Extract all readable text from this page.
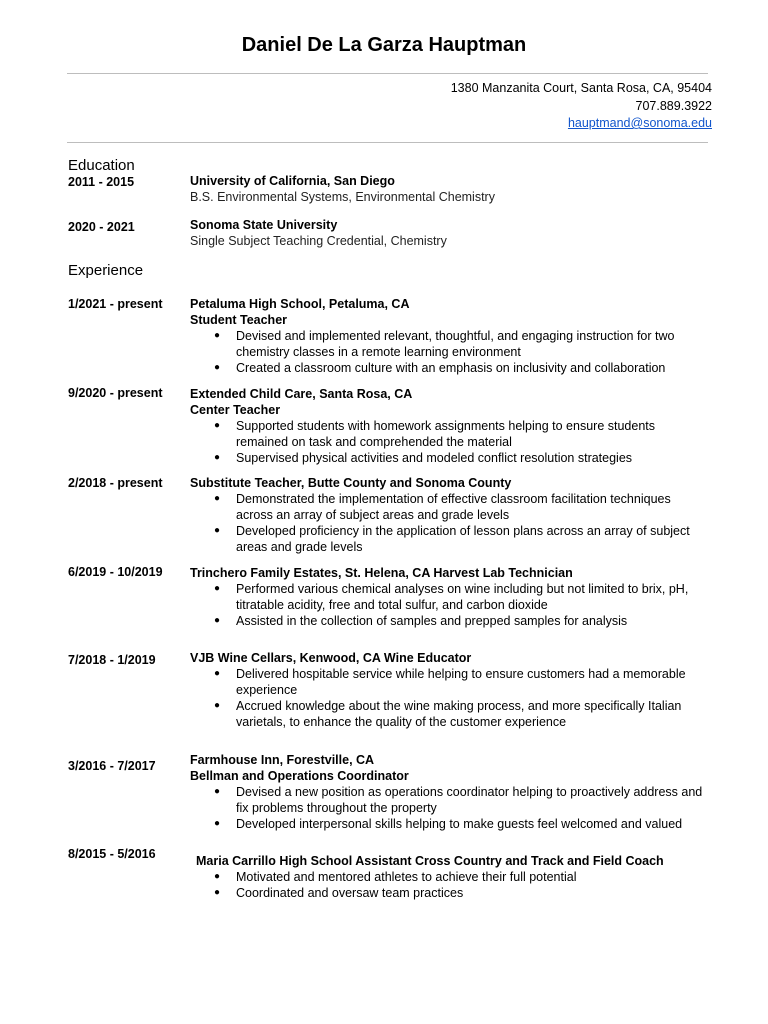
Daniel De La Garza Hauptman
1380 Manzanita Court, Santa Rosa, CA, 95404
707.889.3922
hauptmand@sonoma.edu
Education
2011 - 2015	University of California, San Diego
B.S. Environmental Systems, Environmental Chemistry
2020 - 2021	Sonoma State University
Single Subject Teaching Credential, Chemistry
Experience
1/2021 - present Petaluma High School, Petaluma, CA
Student Teacher
● Devised and implemented relevant, thoughtful, and engaging instruction for two chemistry classes in a remote learning environment
● Created a classroom culture with an emphasis on inclusivity and collaboration
9/2020 - present Extended Child Care, Santa Rosa, CA
Center Teacher
● Supported students with homework assignments helping to ensure students remained on task and comprehended the material
● Supervised physical activities and modeled conflict resolution strategies
2/2018 - present Substitute Teacher, Butte County and Sonoma County
● Demonstrated the implementation of effective classroom facilitation techniques across an array of subject areas and grade levels
● Developed proficiency in the application of lesson plans across an array of subject areas and grade levels
6/2019 - 10/2019 Trinchero Family Estates, St. Helena, CA Harvest Lab Technician
● Performed various chemical analyses on wine including but not limited to brix, pH, titratable acidity, free and total sulfur, and carbon dioxide
● Assisted in the collection of samples and prepped samples for analysis
7/2018 - 1/2019	VJB Wine Cellars, Kenwood, CA Wine Educator
● Delivered hospitable service while helping to ensure customers had a memorable experience
● Accrued knowledge about the wine making process, and more specifically Italian varietals, to enhance the quality of the customer experience
3/2016 - 7/2017	Farmhouse Inn, Forestville, CA
Bellman and Operations Coordinator
● Devised a new position as operations coordinator helping to proactively address and fix problems throughout the property
● Developed interpersonal skills helping to make guests feel welcomed and valued
8/2015 - 5/2016	Maria Carrillo High School Assistant Cross Country and Track and Field Coach
● Motivated and mentored athletes to achieve their full potential
● Coordinated and oversaw team practices
